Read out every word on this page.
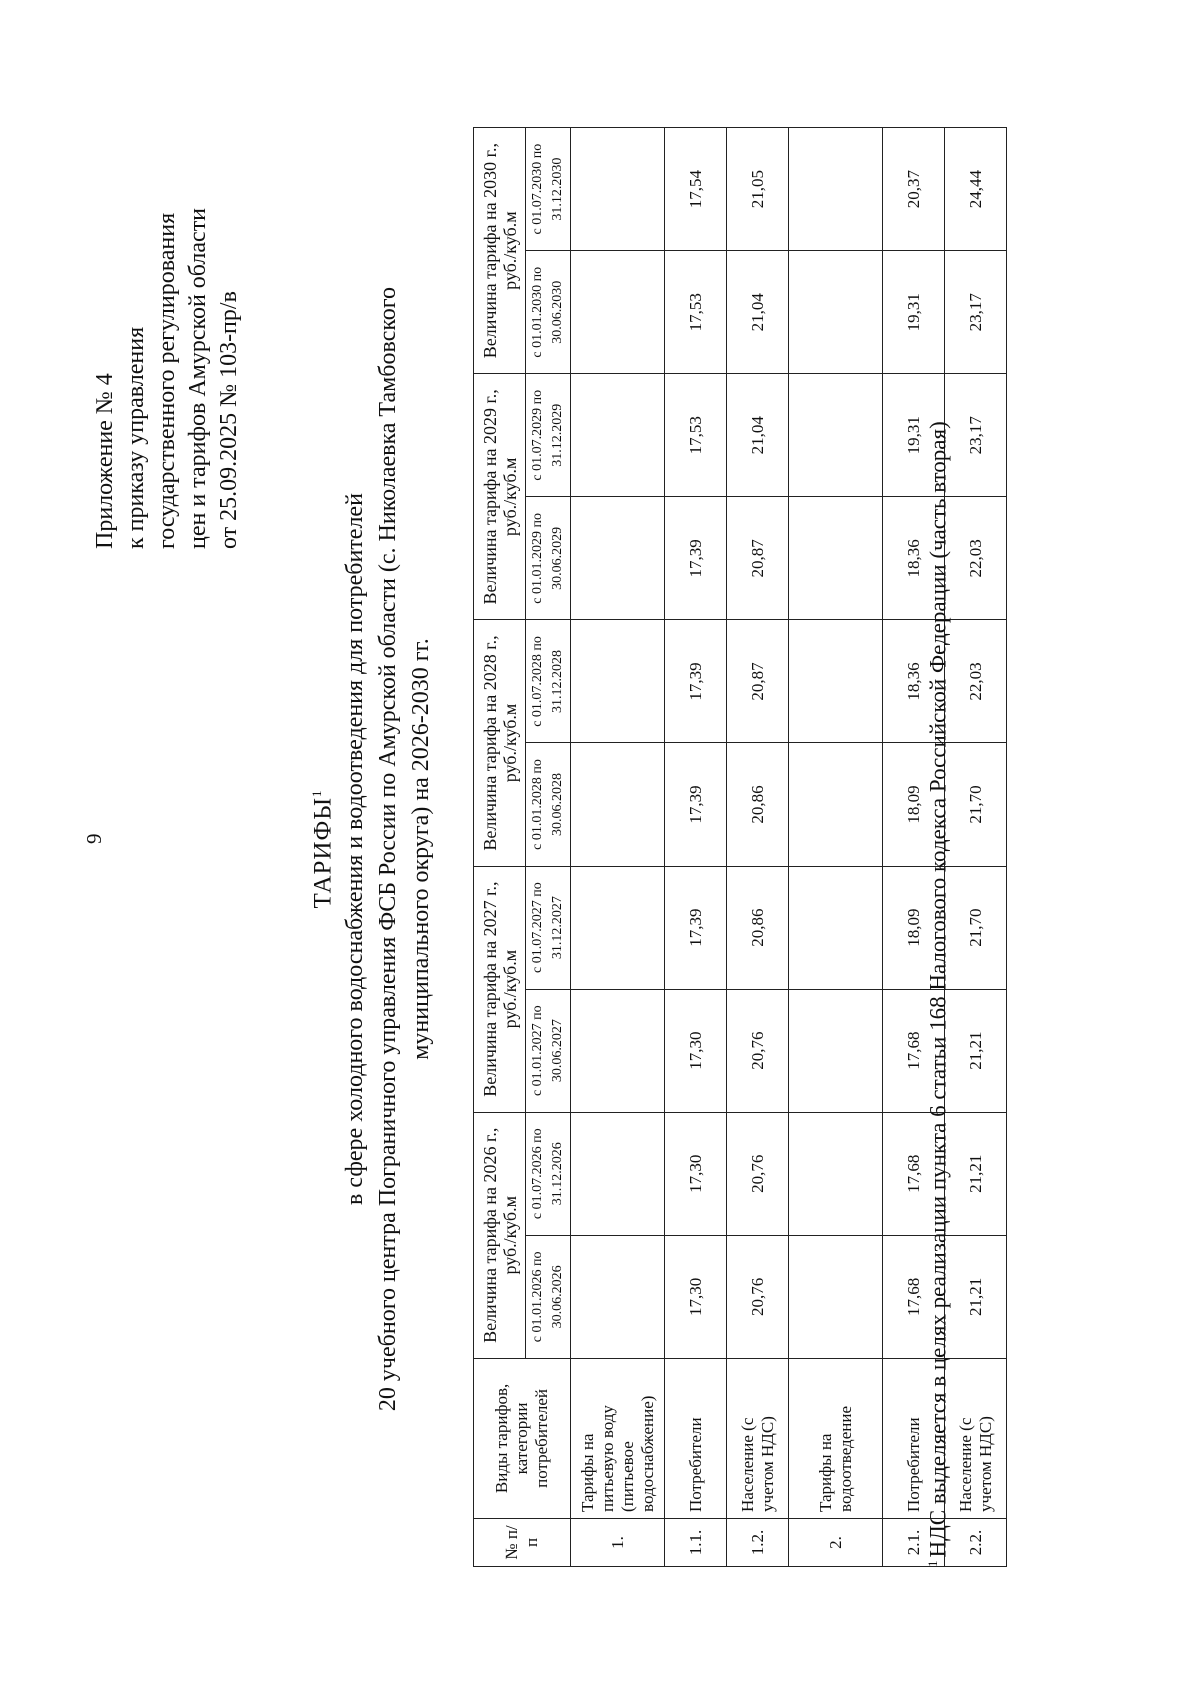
9
Приложение № 4 к приказу управления государственного регулирования цен и тарифов Амурской области от 25.09.2025 № 103-пр/в
ТАРИФЫ$^1$ в сфере холодного водоснабжения и водоотведения для потребителей 20 учебного центра Пограничного управления ФСБ России по Амурской области (с. Николаевка Тамбовского муниципального округа) на 2026-2030 гг.
№ п/п	Виды тарифов, категории потребителей	Величина тарифа на 2026 г., руб./куб.м		Величина тарифа на 2027 г., руб./куб.м		Величина тарифа на 2028 г., руб./куб.м		Величина тарифа на 2029 г., руб./куб.м		Величина тарифа на 2030 г., руб./куб.м	
		с 01.01.2026 по 30.06.2026	с 01.07.2026 по 31.12.2026	с 01.01.2027 по 30.06.2027	с 01.07.2027 по 31.12.2027	с 01.01.2028 по 30.06.2028	с 01.07.2028 по 31.12.2028	с 01.01.2029 по 30.06.2029	с 01.07.2029 по 31.12.2029	с 01.01.2030 по 30.06.2030	с 01.07.2030 по 31.12.2030
1.	Тарифы на питьевую воду (питьевое водоснабжение)										
1.1.	Потребители	17,30	17,30	17,30	17,39	17,39	17,39	17,39	17,53	17,53	17,54
1.2.	Население (с учетом НДС)	20,76	20,76	20,76	20,86	20,86	20,87	20,87	21,04	21,04	21,05
2.	Тарифы на водоотведение										
2.1.	Потребители	17,68	17,68	17,68	18,09	18,09	18,36	18,36	19,31	19,31	20,37
2.2.	Население (с учетом НДС)	21,21	21,21	21,21	21,70	21,70	22,03	22,03	23,17	23,17	24,44
$^1$НДС выделяется в целях реализации пункта 6 статьи 168 Налогового кодекса Российской Федерации (часть вторая)
